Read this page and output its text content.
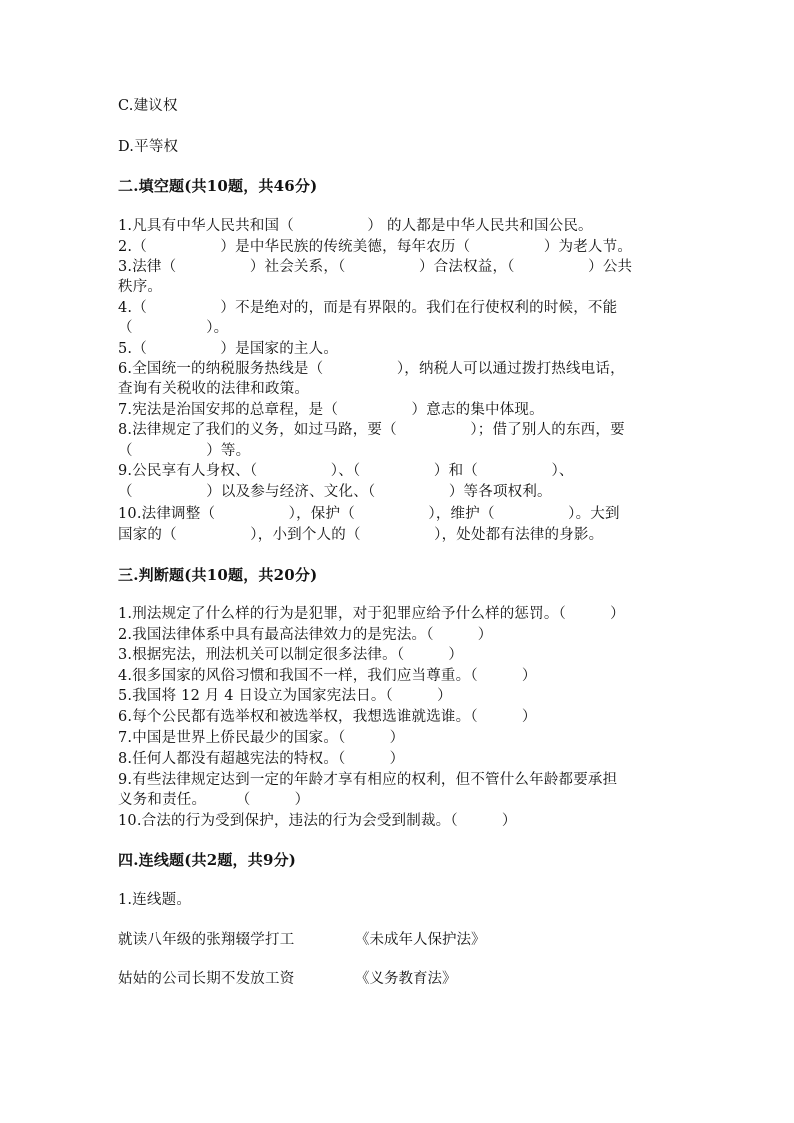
C.建议权
D.平等权
二.填空题(共10题，共46分)
1.凡具有中华人民共和国（　　　　　） 的人都是中华人民共和国公民。
2.（　　　　　）是中华民族的传统美德，每年农历（　　　　　）为老人节。
3.法律（　　　　　）社会关系，（　　　　　）合法权益，（　　　　　）公共
秩序。
4.（　　　　　）不是绝对的，而是有界限的。我们在行使权利的时候，不能
（　　　　　）。
5.（　　　　　）是国家的主人。
6.全国统一的纳税服务热线是（　　　　　），纳税人可以通过拨打热线电话，
查询有关税收的法律和政策。
7.宪法是治国安邦的总章程，是（　　　　　）意志的集中体现。
8.法律规定了我们的义务，如过马路，要（　　　　　）；借了别人的东西，要
（　　　　　）等。
9.公民享有人身权、（　　　　　）、（　　　　　）和（　　　　　）、
（　　　　　）以及参与经济、文化、（　　　　　）等各项权利。
10.法律调整（　　　　　），保护（　　　　　），维护（　　　　　）。大到
国家的（　　　　　），小到个人的（　　　　　），处处都有法律的身影。
三.判断题(共10题，共20分)
1.刑法规定了什么样的行为是犯罪，对于犯罪应给予什么样的惩罚。（　　　）
2.我国法律体系中具有最高法律效力的是宪法。（　　　）
3.根据宪法，刑法机关可以制定很多法律。（　　　）
4.很多国家的风俗习惯和我国不一样，我们应当尊重。（　　　）
5.我国将 12 月 4 日设立为国家宪法日。（　　　）
6.每个公民都有选举权和被选举权，我想选谁就选谁。（　　　）
7.中国是世界上侨民最少的国家。（　　　）
8.任何人都没有超越宪法的特权。（　　　）
9.有些法律规定达到一定的年龄才享有相应的权利，但不管什么年龄都要承担
义务和责任。　　　（　　　）
10.合法的行为受到保护，违法的行为会受到制裁。（　　　）
四.连线题(共2题，共9分)
1.连线题。
就读八年级的张翔辍学打工	《未成年人保护法》
姑姑的公司长期不发放工资	《义务教育法》
